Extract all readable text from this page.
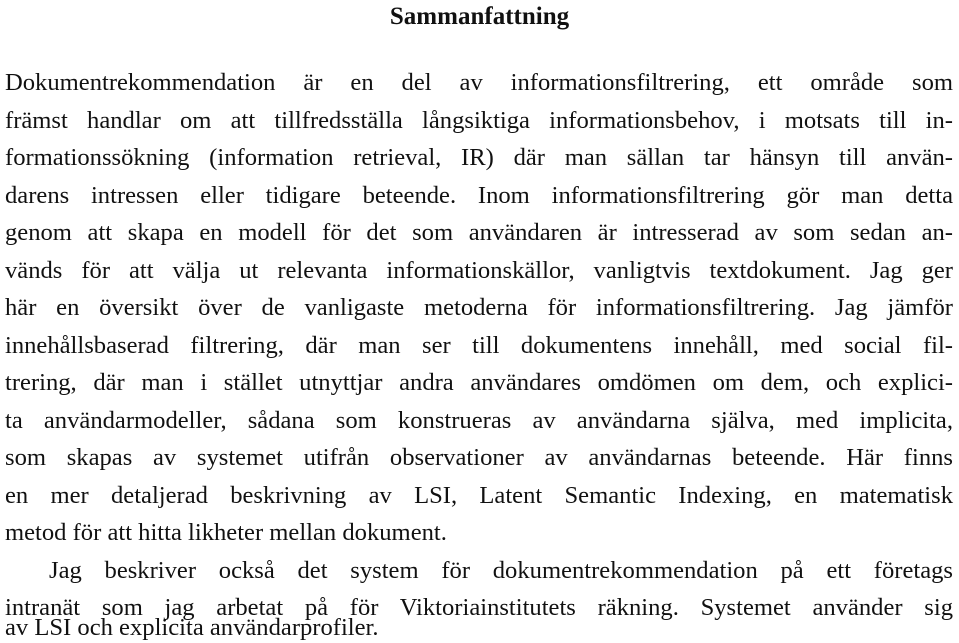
Sammanfattning
Dokumentrekommendation är en del av informationsfiltrering, ett område som
främst handlar om att tillfredsställa långsiktiga informationsbehov, i motsats till in-
formationssökning (information retrieval, IR) där man sällan tar hänsyn till använ-
darens intressen eller tidigare beteende. Inom informationsfiltrering gör man detta
genom att skapa en modell för det som användaren är intresserad av som sedan an-
vänds för att välja ut relevanta informationskällor, vanligtvis textdokument. Jag ger
här en översikt över de vanligaste metoderna för informationsfiltrering. Jag jämför
innehållsbaserad filtrering, där man ser till dokumentens innehåll, med social fil-
trering, där man i stället utnyttjar andra användares omdömen om dem, och explici-
ta användarmodeller, sådana som konstrueras av användarna själva, med implicita,
som skapas av systemet utifrån observationer av användarnas beteende. Här finns
en mer detaljerad beskrivning av LSI, Latent Semantic Indexing, en matematisk
metod för att hitta likheter mellan dokument.
Jag beskriver också det system för dokumentrekommendation på ett företags
intranät som jag arbetat på för Viktoriainstitutets räkning. Systemet använder sig
av LSI och explicita användarprofiler.
